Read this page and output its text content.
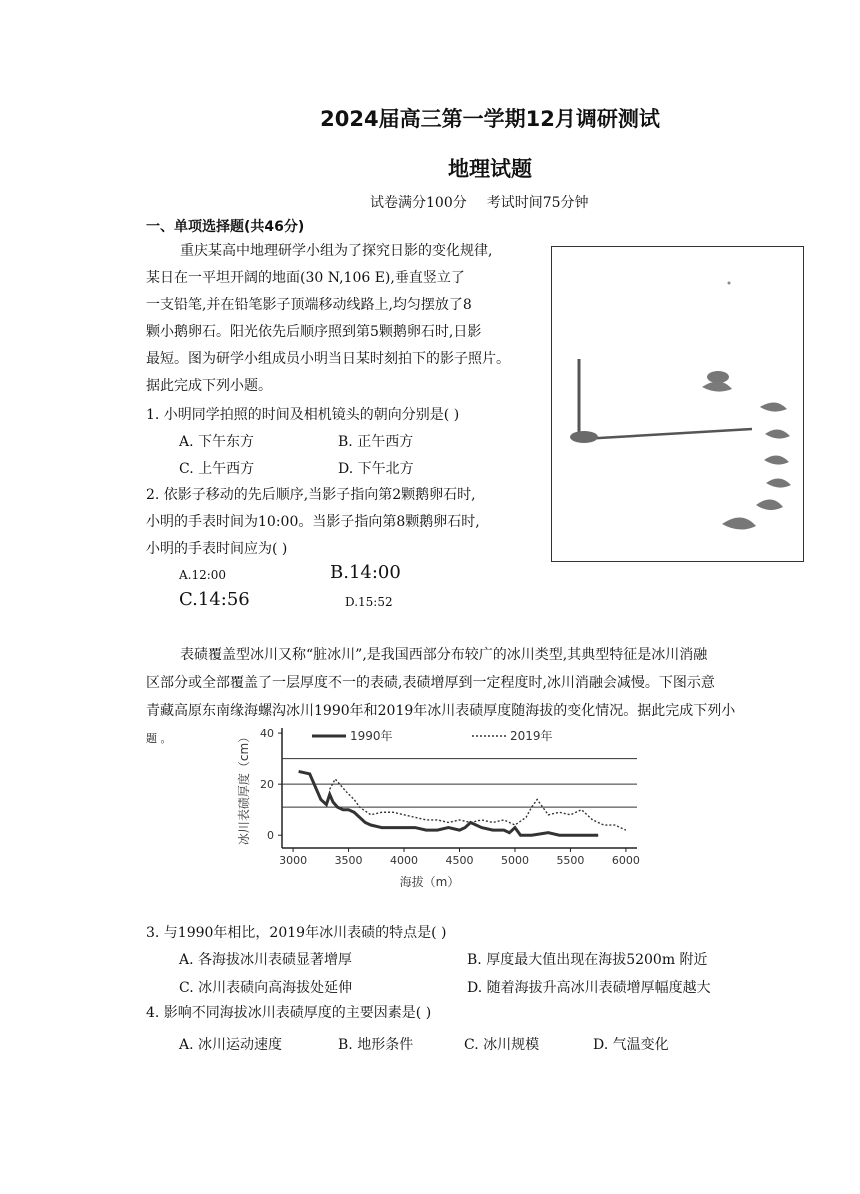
2024届高三第一学期12月调研测试
地理试题
试卷满分100分 考试时间75分钟
一、单项选择题(共46分)
重庆某高中地理研学小组为了探究日影的变化规律,
某日在一平坦开阔的地面(30 N,106 E),垂直竖立了
一支铅笔,并在铅笔影子顶端移动线路上,均匀摆放了8
颗小鹅卵石。阳光依先后顺序照到第5颗鹅卵石时,日影
最短。图为研学小组成员小明当日某时刻拍下的影子照片。
据此完成下列小题。
1. 小明同学拍照的时间及相机镜头的朝向分别是( )
A. 下午东方	B. 正午西方
C. 上午西方	D. 下午北方
2. 依影子移动的先后顺序,当影子指向第2颗鹅卵石时,
小明的手表时间为10:00。当影子指向第8颗鹅卵石时,
小明的手表时间应为( )
A.12:00	B.14:00
C.14:56	D.15:52
表碛覆盖型冰川又称“脏冰川”,是我国西部分布较广的冰川类型,其典型特征是冰川消融
区部分或全部覆盖了一层厚度不一的表碛,表碛增厚到一定程度时,冰川消融会减慢。下图示意
青藏高原东南缘海螺沟冰川1990年和2019年冰川表碛厚度随海拔的变化情况。据此完成下列小
题 。
0
20
40
3000 3500 4000 4500 5000 5500 6000
海拔（m）
冰川表碛厚度（cm）	1990年	2019年
3. 与1990年相比，2019年冰川表碛的特点是( )
A. 各海拔冰川表碛显著增厚	B. 厚度最大值出现在海拔5200m 附近
C. 冰川表碛向高海拔处延伸	D. 随着海拔升高冰川表碛增厚幅度越大
4. 影响不同海拔冰川表碛厚度的主要因素是( )
A. 冰川运动速度	B. 地形条件	C. 冰川规模	D. 气温变化
